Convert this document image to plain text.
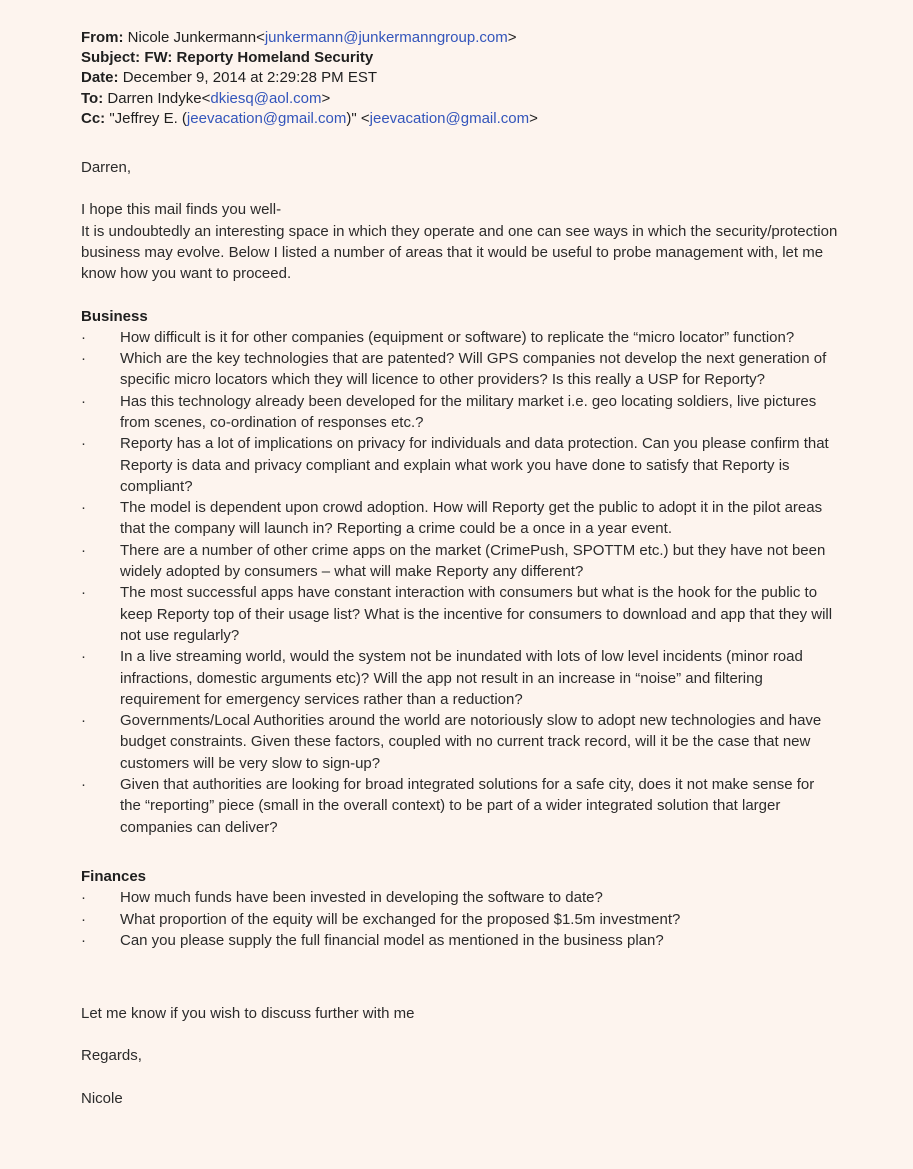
From: Nicole Junkermann<junkermann@junkermanngroup.com>
Subject: FW: Reporty Homeland Security
Date: December 9, 2014 at 2:29:28 PM EST
To: Darren Indyke<dkiesq@aol.com>
Cc: "Jeffrey E. (jeevacation@gmail.com)" <jeevacation@gmail.com>

Darren,

I hope this mail finds you well-

It is undoubtedly an interesting space in which they operate and one can see ways in which the security/protection business may evolve. Below I listed a number of areas that it would be useful to probe management with, let me know how you want to proceed.

Business

· How difficult is it for other companies (equipment or software) to replicate the “micro locator” function?

· Which are the key technologies that are patented? Will GPS companies not develop the next generation of specific micro locators which they will licence to other providers? Is this really a USP for Reporty?

· Has this technology already been developed for the military market i.e. geo locating soldiers, live pictures from scenes, co-ordination of responses etc.?

· Reporty has a lot of implications on privacy for individuals and data protection. Can you please confirm that Reporty is data and privacy compliant and explain what work you have done to satisfy that Reporty is compliant?

· The model is dependent upon crowd adoption. How will Reporty get the public to adopt it in the pilot areas that the company will launch in? Reporting a crime could be a once in a year event.

· There are a number of other crime apps on the market (CrimePush, SPOTTM etc.) but they have not been widely adopted by consumers – what will make Reporty any different?

· The most successful apps have constant interaction with consumers but what is the hook for the public to keep Reporty top of their usage list? What is the incentive for consumers to download and app that they will not use regularly?

· In a live streaming world, would the system not be inundated with lots of low level incidents (minor road infractions, domestic arguments etc)? Will the app not result in an increase in “noise” and filtering requirement for emergency services rather than a reduction?

· Governments/Local Authorities around the world are notoriously slow to adopt new technologies and have budget constraints. Given these factors, coupled with no current track record, will it be the case that new customers will be very slow to sign-up?

· Given that authorities are looking for broad integrated solutions for a safe city, does it not make sense for the “reporting” piece (small in the overall context) to be part of a wider integrated solution that larger companies can deliver?

Finances

· How much funds have been invested in developing the software to date?

· What proportion of the equity will be exchanged for the proposed $1.5m investment?

· Can you please supply the full financial model as mentioned in the business plan?

Let me know if you wish to discuss further with me

Regards,

Nicole
